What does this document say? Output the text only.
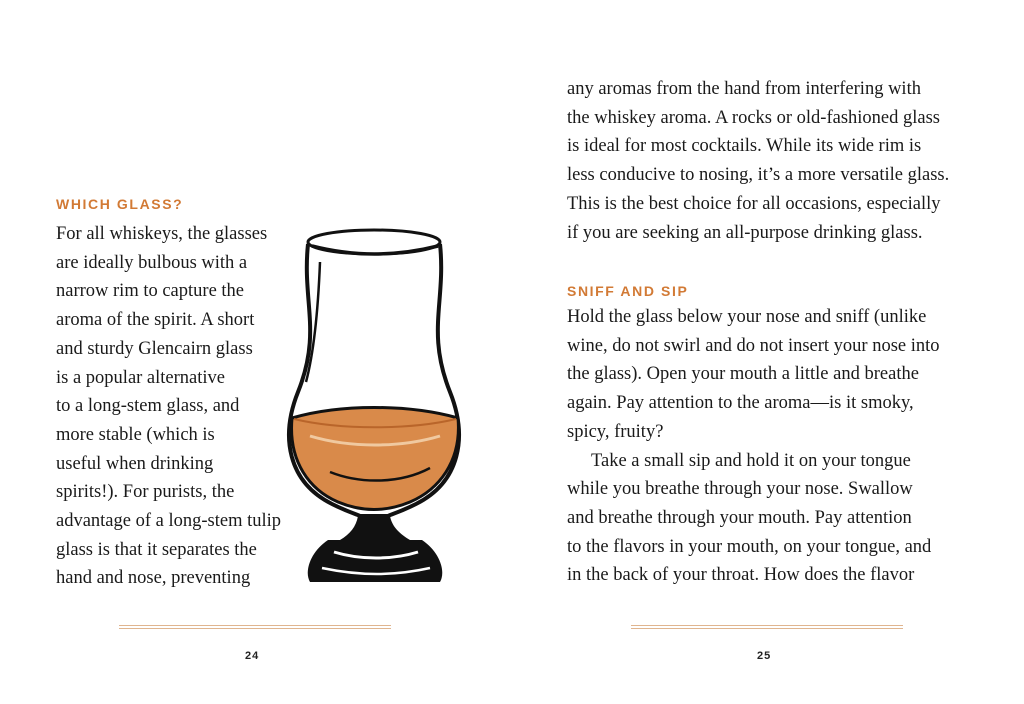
WHICH GLASS?
For all whiskeys, the glasses
are ideally bulbous with a
narrow rim to capture the
aroma of the spirit. A short
and sturdy Glencairn glass
is a popular alternative
to a long-stem glass, and
more stable (which is
useful when drinking
spirits!). For purists, the
advantage of a long-stem tulip
glass is that it separates the
hand and nose, preventing
24
any aromas from the hand from interfering with
the whiskey aroma. A rocks or old-fashioned glass
is ideal for most cocktails. While its wide rim is
less conducive to nosing, it’s a more versatile glass.
This is the best choice for all occasions, especially
if you are seeking an all-purpose drinking glass.
SNIFF AND SIP
Hold the glass below your nose and sniff (unlike
wine, do not swirl and do not insert your nose into
the glass). Open your mouth a little and breathe
again. Pay attention to the aroma—is it smoky,
spicy, fruity?
Take a small sip and hold it on your tongue
while you breathe through your nose. Swallow
and breathe through your mouth. Pay attention
to the flavors in your mouth, on your tongue, and
in the back of your throat. How does the flavor
25
